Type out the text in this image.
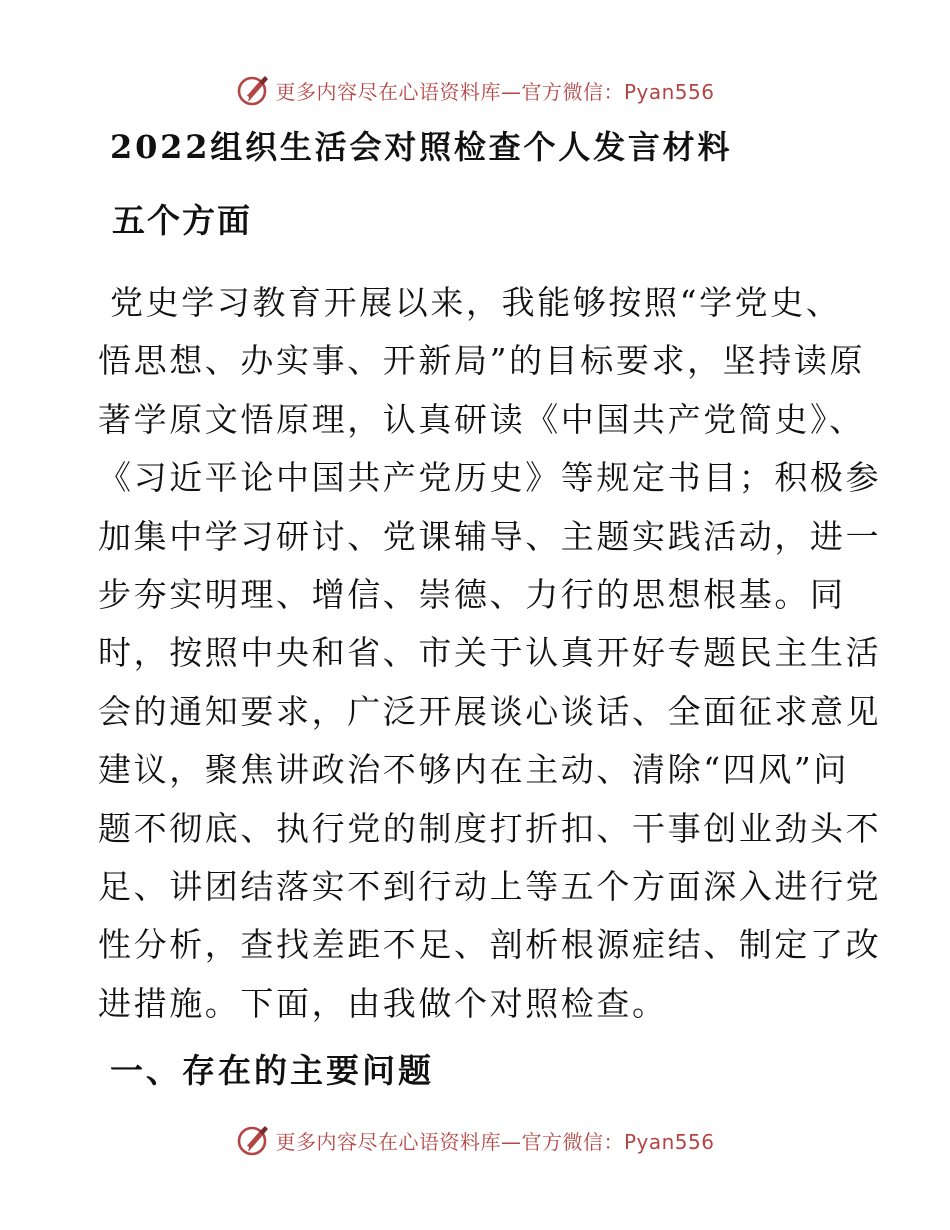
更多内容尽在心语资料库—官方微信：Pyan556
2022组织生活会对照检查个人发言材料
五个方面
党史学习教育开展以来，我能够按照“学党史、
悟思想、办实事、开新局”的目标要求，坚持读原
著学原文悟原理，认真研读《中国共产党简史》、
《习近平论中国共产党历史》等规定书目；积极参
加集中学习研讨、党课辅导、主题实践活动，进一
步夯实明理、增信、崇德、力行的思想根基。同
时，按照中央和省、市关于认真开好专题民主生活
会的通知要求，广泛开展谈心谈话、全面征求意见
建议，聚焦讲政治不够内在主动、清除“四风”问
题不彻底、执行党的制度打折扣、干事创业劲头不
足、讲团结落实不到行动上等五个方面深入进行党
性分析，查找差距不足、剖析根源症结、制定了改
进措施。下面，由我做个对照检查。
一、存在的主要问题
更多内容尽在心语资料库—官方微信：Pyan556
